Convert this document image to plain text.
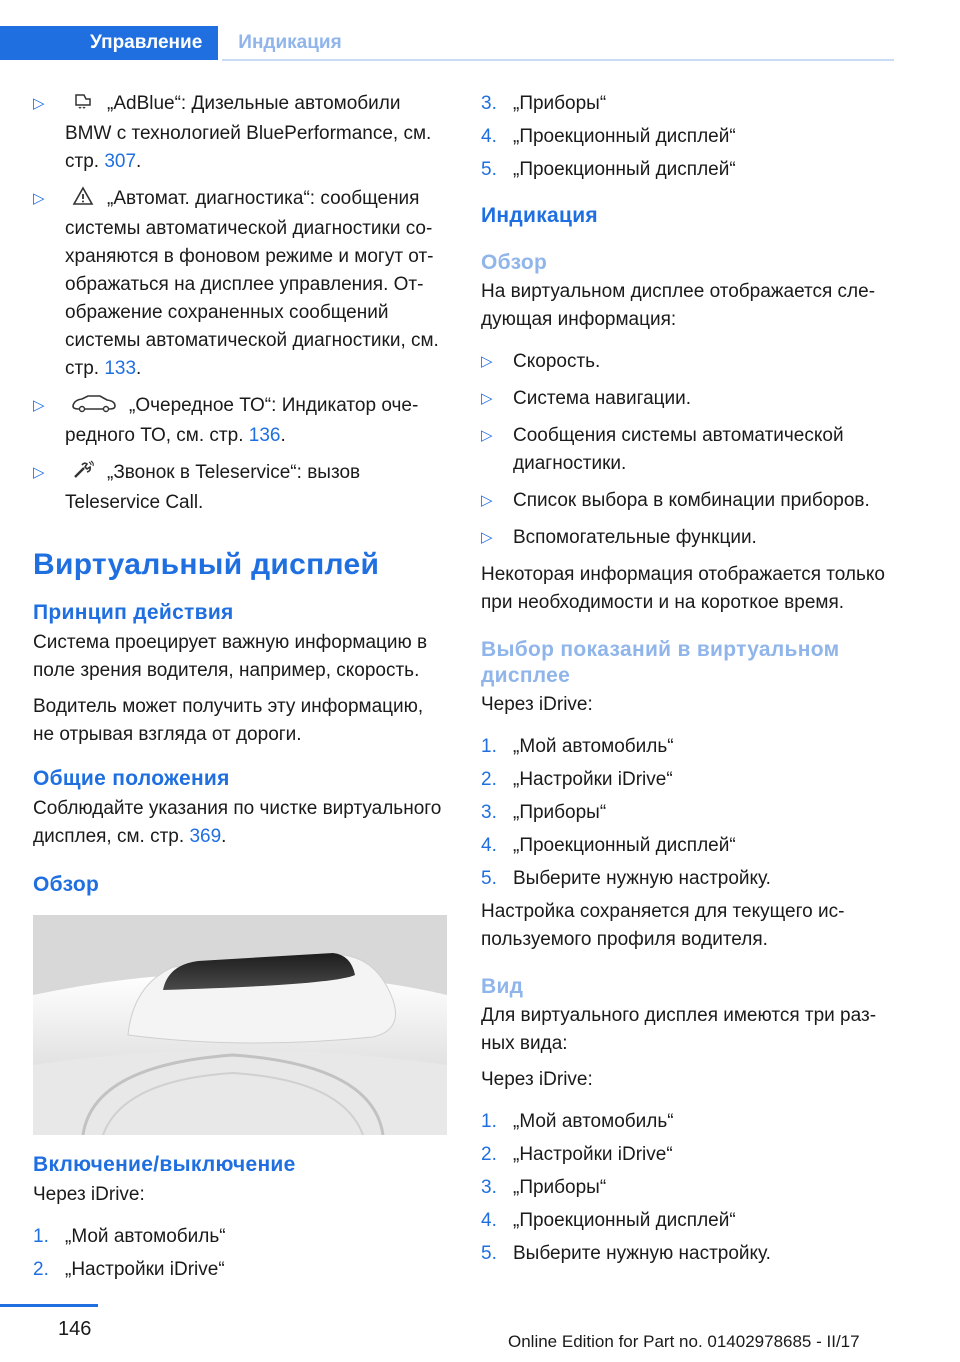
Управление	Индикация
▷	„AdBlue“: Дизельные автомобили BMW с технологией BluePerformance, см. стр. 307.
▷	„Автомат. диагностика“: сообщения системы автоматической диагностики сохраняются в фоновом режиме и могут отображаться на дисплее управления. Отображение сохраненных сообщений системы автоматической диагностики, см. стр. 133.
▷	„Очередное ТО“: Индикатор очередного ТО, см. стр. 136.
▷	„Звонок в Teleservice“: вызов Teleservice Call.
Виртуальный дисплей
Принцип действия
Система проецирует важную информацию в поле зрения водителя, например, скорость.
Водитель может получить эту информацию, не отрывая взгляда от дороги.
Общие положения
Соблюдайте указания по чистке виртуального дисплея, см. стр. 369.
Обзор
Включение/выключение
Через iDrive:
1. „Мой автомобиль“
2. „Настройки iDrive“
3. „Приборы“
4. „Проекционный дисплей“
5. „Проекционный дисплей“
Индикация
Обзор
На виртуальном дисплее отображается следующая информация:
▷ Скорость.
▷ Система навигации.
▷ Сообщения системы автоматической диагностики.
▷ Список выбора в комбинации приборов.
▷ Вспомогательные функции.
Некоторая информация отображается только при необходимости и на короткое время.
Выбор показаний в виртуальном дисплее
Через iDrive:
1. „Мой автомобиль“
2. „Настройки iDrive“
3. „Приборы“
4. „Проекционный дисплей“
5. Выберите нужную настройку.
Настройка сохраняется для текущего используемого профиля водителя.
Вид
Для виртуального дисплея имеются три разных вида:
Через iDrive:
1. „Мой автомобиль“
2. „Настройки iDrive“
3. „Приборы“
4. „Проекционный дисплей“
5. Выберите нужную настройку.
146
Online Edition for Part no. 01402978685 - II/17
